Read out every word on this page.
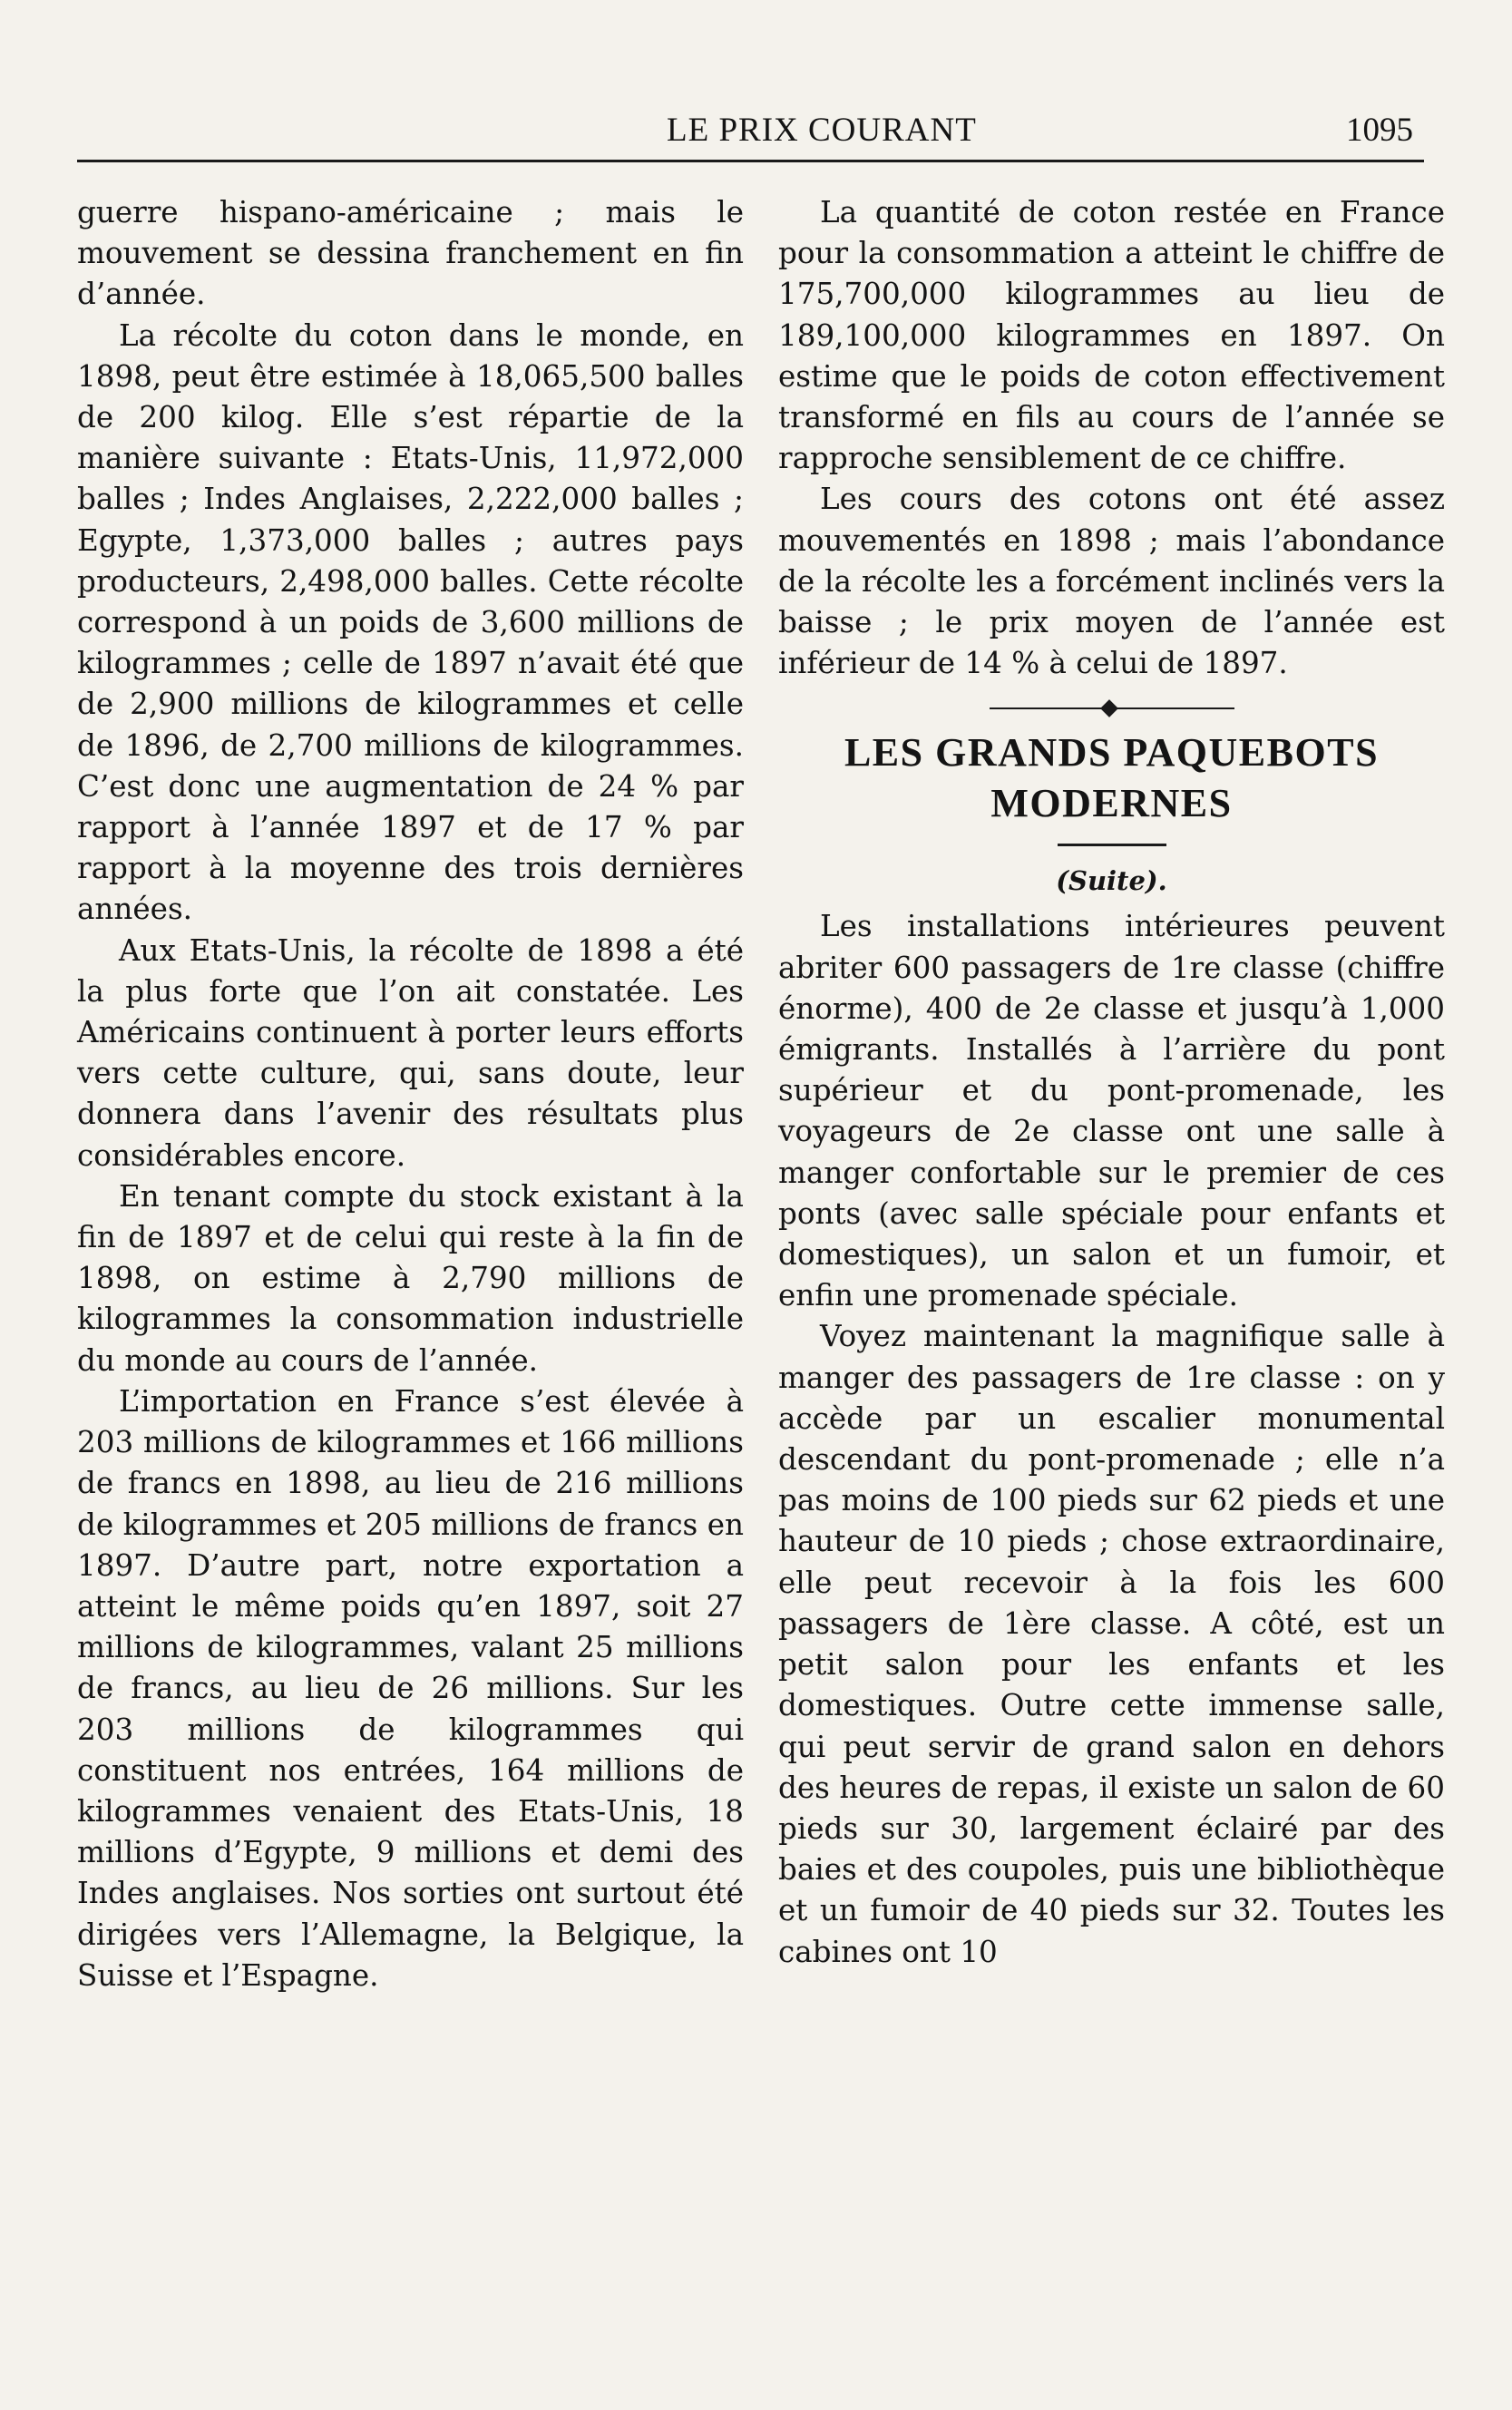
LE PRIX COURANT	1095

guerre hispano-américaine ; mais le mouvement se dessina franchement en fin d’année.

La récolte du coton dans le monde, en 1898, peut être estimée à 18,065,500 balles de 200 kilog. Elle s’est répartie de la manière suivante : Etats-Unis, 11,972,000 balles ; Indes Anglaises, 2,222,000 balles ; Egypte, 1,373,000 balles ; autres pays producteurs, 2,498,000 balles. Cette récolte correspond à un poids de 3,600 millions de kilogrammes ; celle de 1897 n’avait été que de 2,900 millions de kilogrammes et celle de 1896, de 2,700 millions de kilogrammes. C’est donc une augmentation de 24 % par rapport à l’année 1897 et de 17 % par rapport à la moyenne des trois dernières années.

Aux Etats-Unis, la récolte de 1898 a été la plus forte que l’on ait constatée. Les Américains continuent à porter leurs efforts vers cette culture, qui, sans doute, leur donnera dans l’avenir des résultats plus considérables encore.

En tenant compte du stock existant à la fin de 1897 et de celui qui reste à la fin de 1898, on estime à 2,790 millions de kilogrammes la consommation industrielle du monde au cours de l’année.

L’importation en France s’est élevée à 203 millions de kilogrammes et 166 millions de francs en 1898, au lieu de 216 millions de kilogrammes et 205 millions de francs en 1897. D’autre part, notre exportation a atteint le même poids qu’en 1897, soit 27 millions de kilogrammes, valant 25 millions de francs, au lieu de 26 millions. Sur les 203 millions de kilogrammes qui constituent nos entrées, 164 millions de kilogrammes venaient des Etats-Unis, 18 millions d’Egypte, 9 millions et demi des Indes anglaises. Nos sorties ont surtout été dirigées vers l’Allemagne, la Belgique, la Suisse et l’Espagne.

La quantité de coton restée en France pour la consommation a atteint le chiffre de 175,700,000 kilogrammes au lieu de 189,100,000 kilogrammes en 1897. On estime que le poids de coton effectivement transformé en fils au cours de l’année se rapproche sensiblement de ce chiffre.

Les cours des cotons ont été assez mouvementés en 1898 ; mais l’abondance de la récolte les a forcément inclinés vers la baisse ; le prix moyen de l’année est inférieur de 14 % à celui de 1897.

LES GRANDS PAQUEBOTS

MODERNES

(Suite).

Les installations intérieures peuvent abriter 600 passagers de 1re classe (chiffre énorme), 400 de 2e classe et jusqu’à 1,000 émigrants. Installés à l’arrière du pont supérieur et du pont-promenade, les voyageurs de 2e classe ont une salle à manger confortable sur le premier de ces ponts (avec salle spéciale pour enfants et domestiques), un salon et un fumoir, et enfin une promenade spéciale.

Voyez maintenant la magnifique salle à manger des passagers de 1re classe : on y accède par un escalier monumental descendant du pont-promenade ; elle n’a pas moins de 100 pieds sur 62 pieds et une hauteur de 10 pieds ; chose extraordinaire, elle peut recevoir à la fois les 600 passagers de 1ère classe. A côté, est un petit salon pour les enfants et les domestiques. Outre cette immense salle, qui peut servir de grand salon en dehors des heures de repas, il existe un salon de 60 pieds sur 30, largement éclairé par des baies et des coupoles, puis une bibliothèque et un fumoir de 40 pieds sur 32. Toutes les cabines ont 10
